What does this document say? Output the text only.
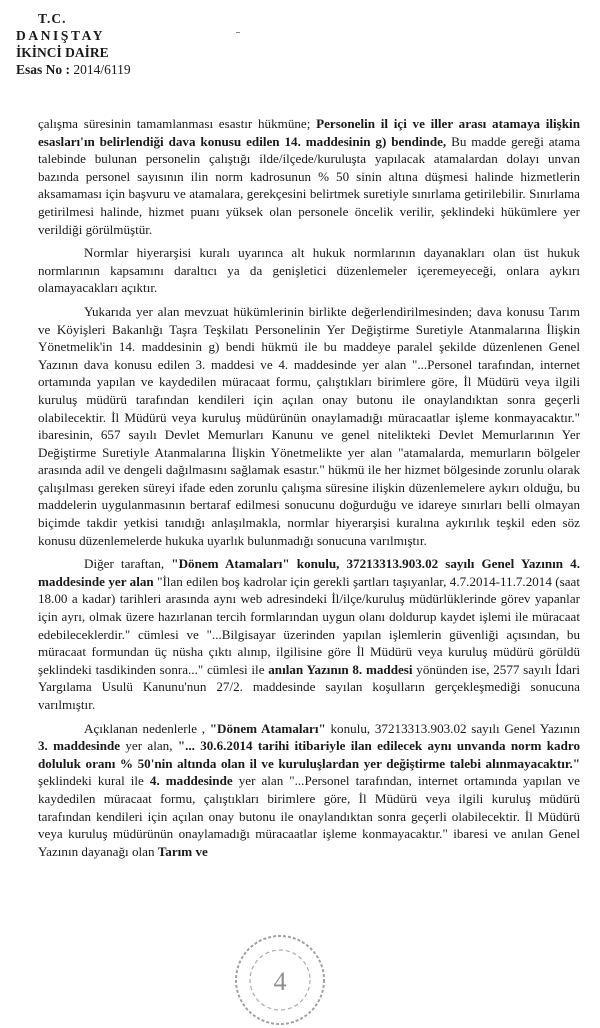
T.C.
DANIŞTAY
İKİNCİ DAİRE
Esas No : 2014/6119

çalışma süresinin tamamlanması esastır hükmüne; Personelin il içi ve iller arası atamaya ilişkin esasları'ın belirlendiği dava konusu edilen 14. maddesinin g) bendinde, Bu madde gereği atama talebinde bulunan personelin çalıştığı ilde/ilçede/kuruluşta yapılacak atamalardan dolayı unvan bazında personel sayısının ilin norm kadrosunun % 50 sinin altına düşmesi halinde hizmetlerin aksamaması için başvuru ve atamalara, gerekçesini belirtmek suretiyle sınırlama getirilebilir. Sınırlama getirilmesi halinde, hizmet puanı yüksek olan personele öncelik verilir, şeklindeki hükümlere yer verildiği görülmüştür.

Normlar hiyerarşisi kuralı uyarınca alt hukuk normlarının dayanakları olan üst hukuk normlarının kapsamını daraltıcı ya da genişletici düzenlemeler içeremeyeceği, onlara aykırı olamayacakları açıktır.

Yukarıda yer alan mevzuat hükümlerinin birlikte değerlendirilmesinden; dava konusu Tarım ve Köyişleri Bakanlığı Taşra Teşkilatı Personelinin Yer Değiştirme Suretiyle Atanmalarına İlişkin Yönetmelik'in 14. maddesinin g) bendi hükmü ile bu maddeye paralel şekilde düzenlenen Genel Yazının dava konusu edilen 3. maddesi ve 4. maddesinde yer alan "...Personel tarafından, internet ortamında yapılan ve kaydedilen müracaat formu, çalıştıkları birimlere göre, İl Müdürü veya ilgili kuruluş müdürü tarafından kendileri için açılan onay butonu ile onaylandıktan sonra geçerli olabilecektir. İl Müdürü veya kuruluş müdürünün onaylamadığı müracaatlar işleme konmayacaktır." ibaresinin, 657 sayılı Devlet Memurları Kanunu ve genel nitelikteki Devlet Memurlarının Yer Değiştirme Suretiyle Atanmalarına İlişkin Yönetmelikte yer alan "atamalarda, memurların bölgeler arasında adil ve dengeli dağılmasını sağlamak esastır." hükmü ile her hizmet bölgesinde zorunlu olarak çalışılması gereken süreyi ifade eden zorunlu çalışma süresine ilişkin düzenlemelere aykırı olduğu, bu maddelerin uygulanmasının bertaraf edilmesi sonucunu doğurduğu ve idareye sınırları belli olmayan biçimde takdir yetkisi tanıdığı anlaşılmakla, normlar hiyerarşisi kuralına aykırılık teşkil eden söz konusu düzenlemelerde hukuka uyarlık bulunmadığı sonucuna varılmıştır.

Diğer taraftan, "Dönem Atamaları" konulu, 37213313.903.02 sayılı Genel Yazının 4. maddesinde yer alan "İlan edilen boş kadrolar için gerekli şartları taşıyanlar, 4.7.2014-11.7.2014 (saat 18.00 a kadar) tarihleri arasında aynı web adresindeki İl/ilçe/kuruluş müdürlüklerinde görev yapanlar için ayrı, olmak üzere hazırlanan tercih formlarından uygun olanı doldurup kaydet işlemi ile müracaat edebileceklerdir." cümlesi ve "...Bilgisayar üzerinden yapılan işlemlerin güvenliği açısından, bu müracaat formundan üç nüsha çıktı alınıp, ilgilisine göre İl Müdürü veya kuruluş müdürü görüldü şeklindeki tasdikinden sonra..." cümlesi ile anılan Yazının 8. maddesi yönünden ise, 2577 sayılı İdari Yargılama Usulü Kanunu'nun 27/2. maddesinde sayılan koşulların gerçekleşmediği sonucuna varılmıştır.

Açıklanan nedenlerle , "Dönem Atamaları" konulu, 37213313.903.02 sayılı Genel Yazının 3. maddesinde yer alan, "... 30.6.2014 tarihi itibariyle ilan edilecek aynı unvanda norm kadro doluluk oranı % 50'nin altında olan il ve kuruluşlardan yer değiştirme talebi alınmayacaktır." şeklindeki kural ile 4. maddesinde yer alan "...Personel tarafından, internet ortamında yapılan ve kaydedilen müracaat formu, çalıştıkları birimlere göre, İl Müdürü veya ilgili kuruluş müdürü tarafından kendileri için açılan onay butonu ile onaylandıktan sonra geçerli olabilecektir. İl Müdürü veya kuruluş müdürünün onaylamadığı müracaatlar işleme konmayacaktır." ibaresi ve anılan Genel Yazının dayanağı olan Tarım ve

4
